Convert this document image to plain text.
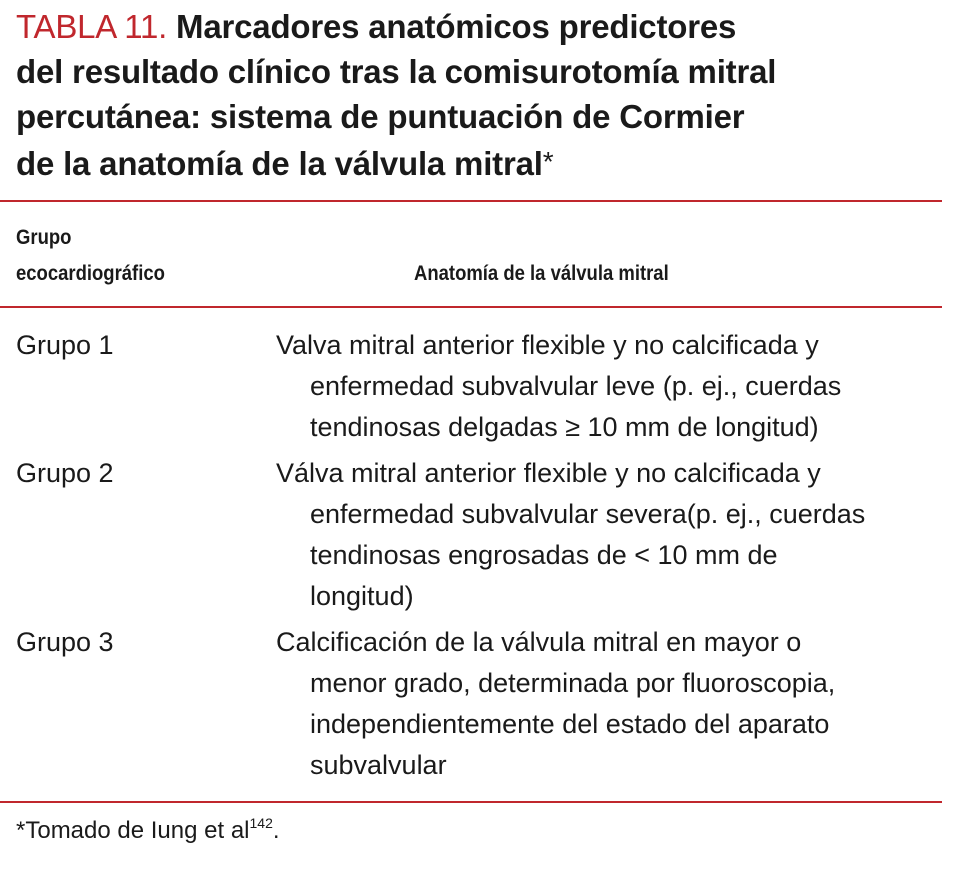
TABLA 11. Marcadores anatómicos predictores
del resultado clínico tras la comisurotomía mitral
percutánea: sistema de puntuación de Cormier
de la anatomía de la válvula mitral*
Grupo
ecocardiográfico	Anatomía de la válvula mitral
Grupo 1	Valva mitral anterior flexible y no calcificada y
enfermedad subvalvular leve (p. ej., cuerdas
tendinosas delgadas ≥ 10 mm de longitud)
Grupo 2	Válva mitral anterior flexible y no calcificada y
enfermedad subvalvular severa(p. ej., cuerdas
tendinosas engrosadas de < 10 mm de
longitud)
Grupo 3	Calcificación de la válvula mitral en mayor o
menor grado, determinada por fluoroscopia,
independientemente del estado del aparato
subvalvular
*Tomado de Iung et $al^{142}$.
